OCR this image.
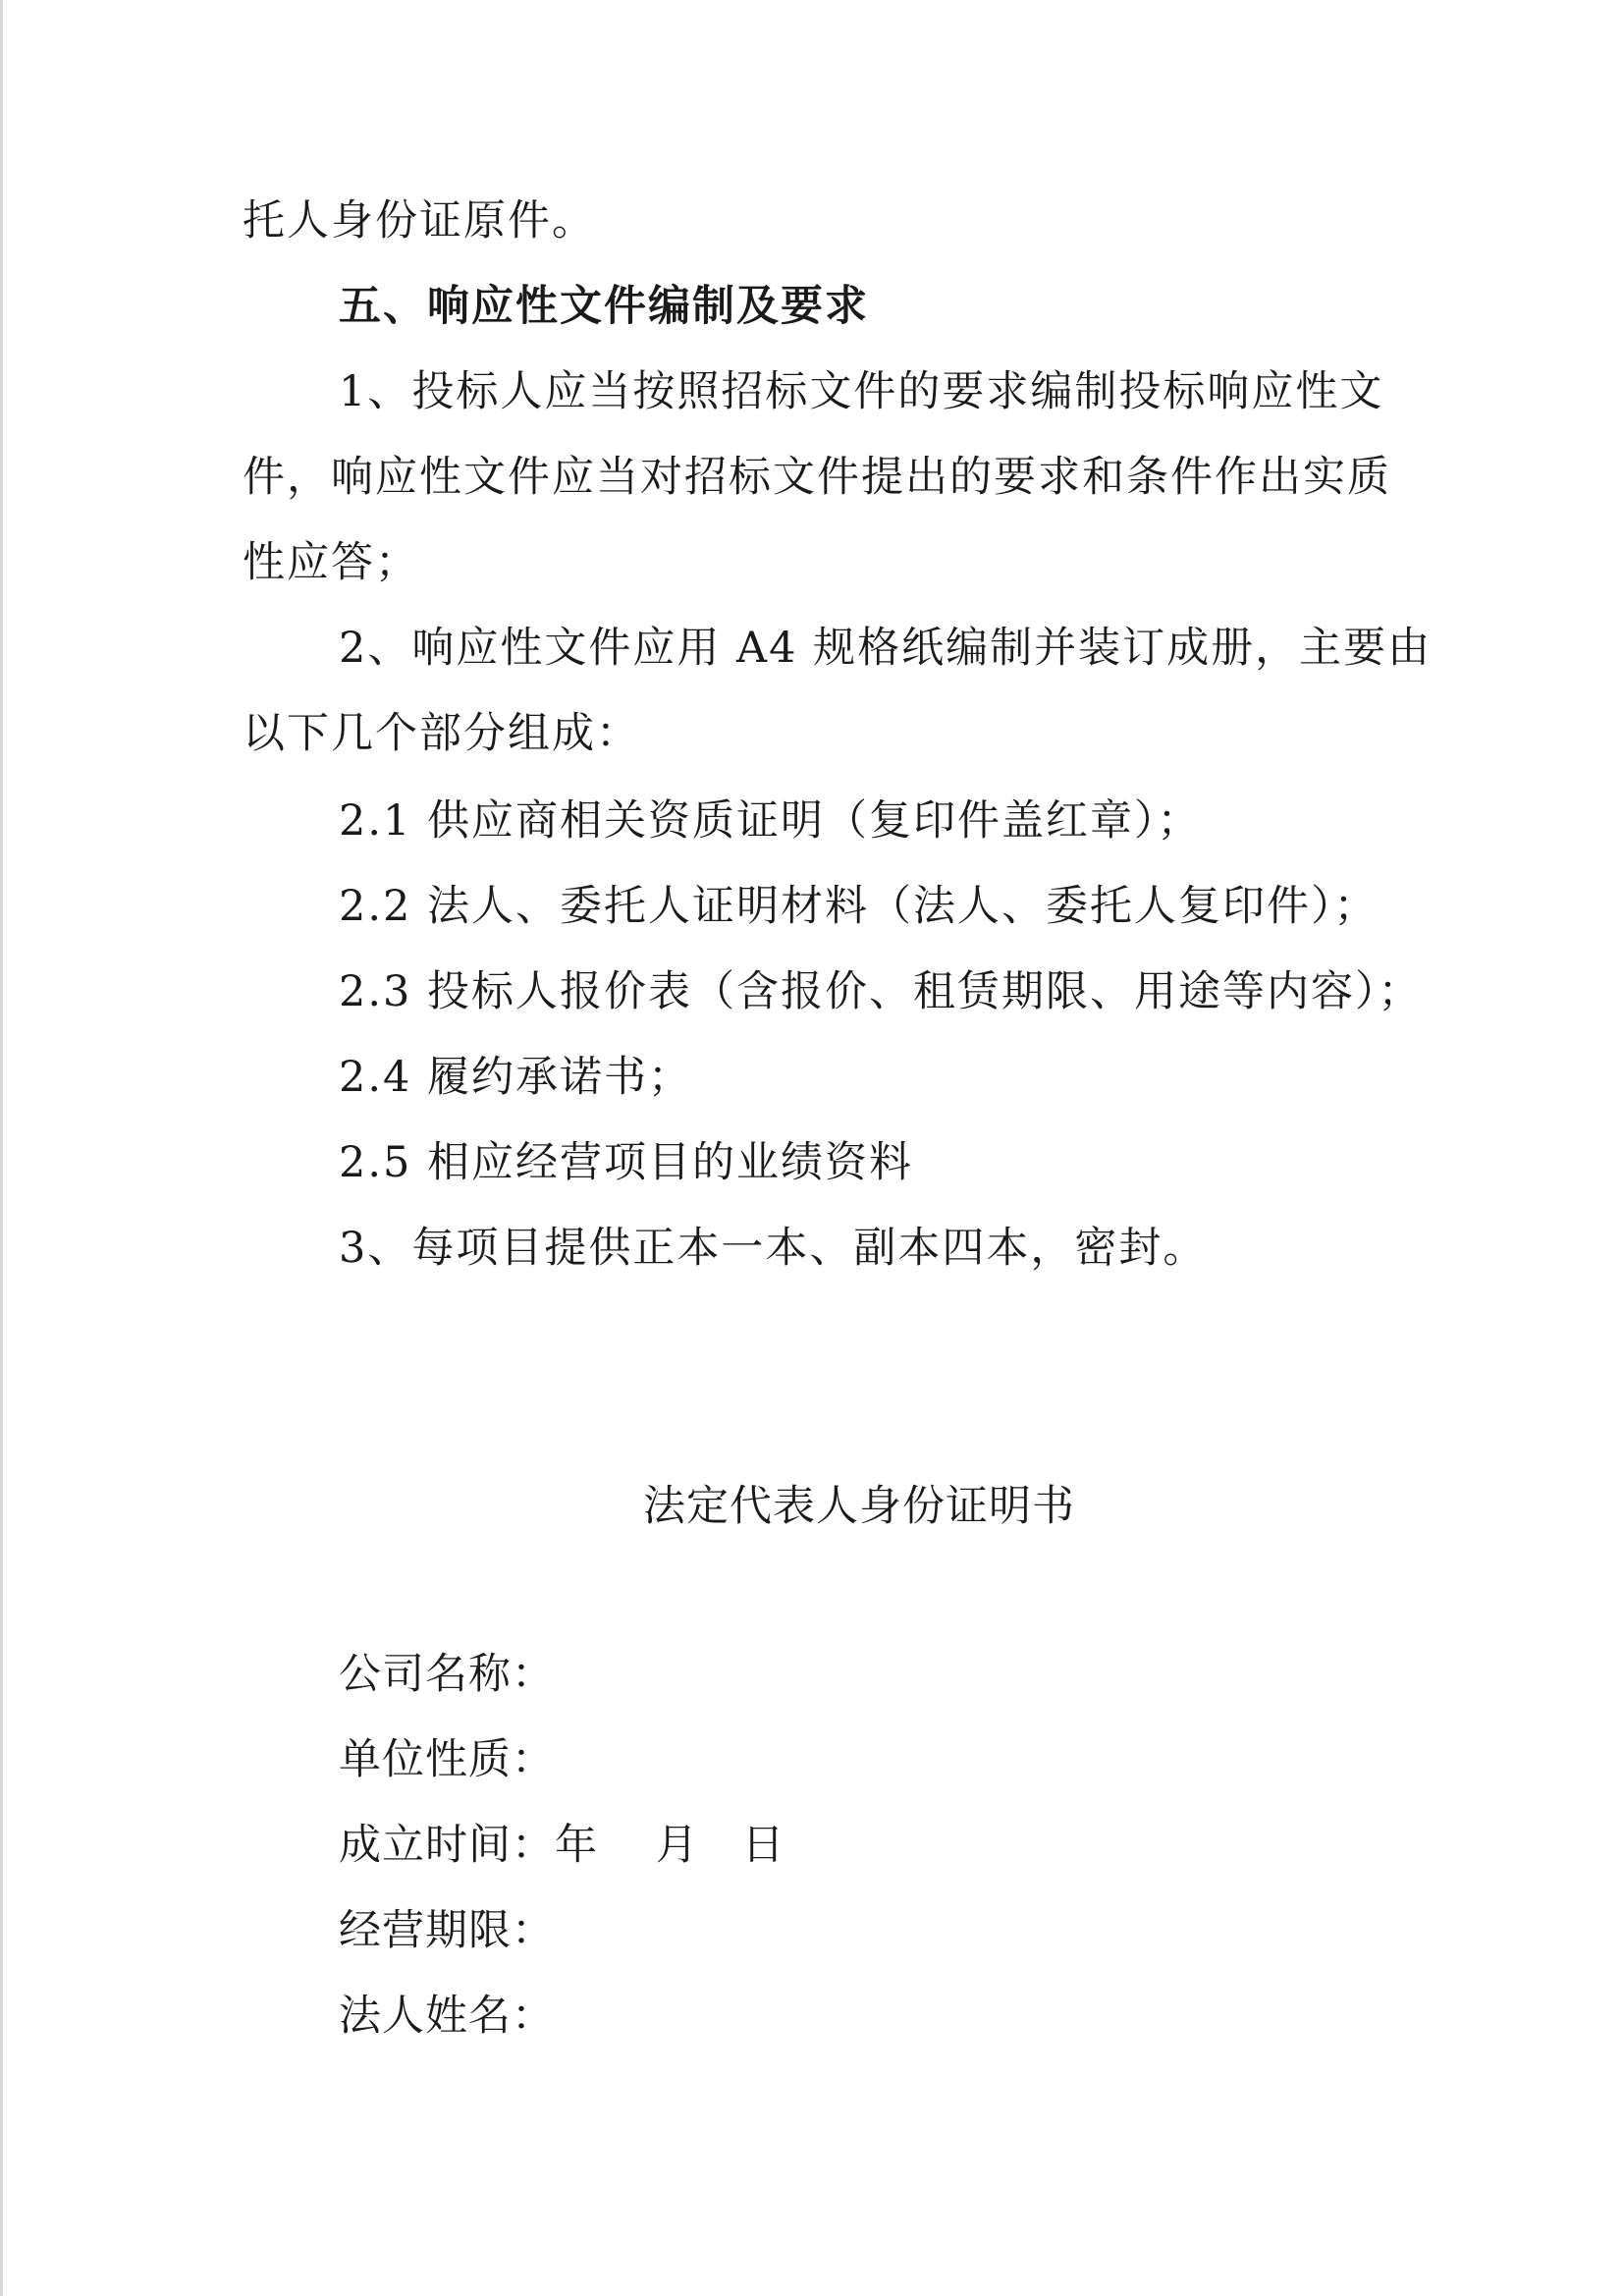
托人身份证原件。
五、响应性文件编制及要求
1、投标人应当按照招标文件的要求编制投标响应性文
件，响应性文件应当对招标文件提出的要求和条件作出实质
性应答；
2、响应性文件应用 A4 规格纸编制并装订成册，主要由
以下几个部分组成：
2.1 供应商相关资质证明（复印件盖红章）；
2.2 法人、委托人证明材料（法人、委托人复印件）；
2.3 投标人报价表（含报价、租赁期限、用途等内容）；
2.4 履约承诺书；
2.5 相应经营项目的业绩资料
3、每项目提供正本一本、副本四本，密封。
法定代表人身份证明书
公司名称：
单位性质：
成立时间：年　 月　日
经营期限：
法人姓名：
